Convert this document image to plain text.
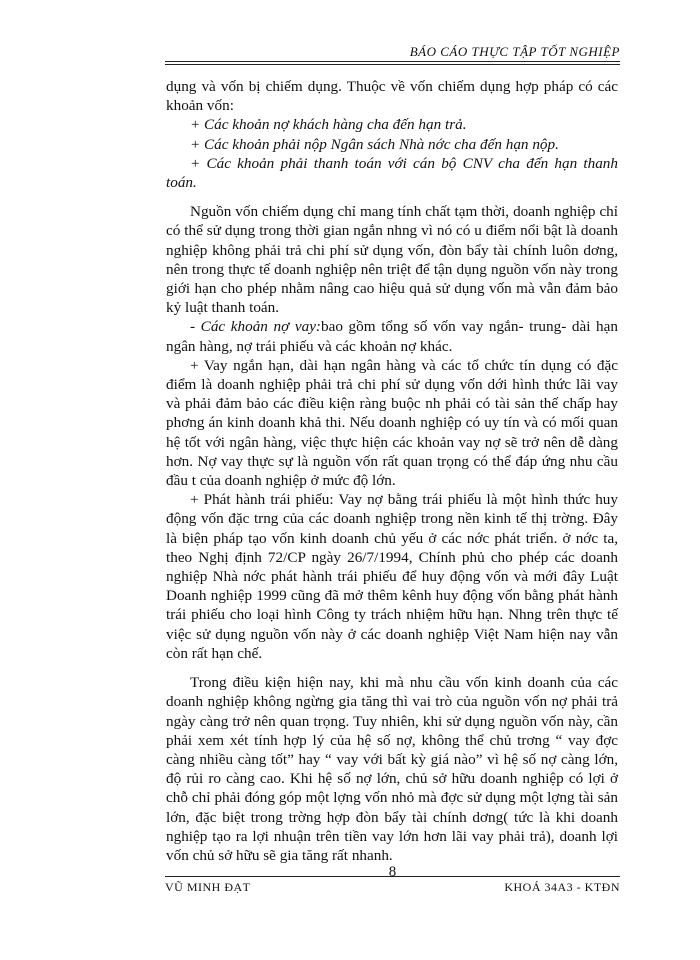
BÁO CÁO THỰC TẬP TỐT NGHIỆP

dụng và vốn bị chiếm dụng. Thuộc về vốn chiếm dụng hợp pháp có các khoản vốn:

+ Các khoản nợ khách hàng cha đến hạn trả.

+ Các khoản phải nộp Ngân sách Nhà nớc cha đến hạn nộp.

+ Các khoản phải thanh toán với cán bộ CNV cha đến hạn thanh toán.

Nguồn vốn chiếm dụng chỉ mang tính chất tạm thời, doanh nghiệp chỉ có thể sử dụng trong thời gian ngắn nhng vì nó có u điểm nổi bật là doanh nghiệp không phải trả chi phí sử dụng vốn, đòn bẩy tài chính luôn dơng, nên trong thực tế doanh nghiệp nên triệt để tận dụng nguồn vốn này trong giới hạn cho phép nhằm nâng cao hiệu quả sử dụng vốn mà vẫn đảm bảo kỷ luật thanh toán.

- Các khoản nợ vay:bao gồm tổng số vốn vay ngắn- trung- dài hạn ngân hàng, nợ trái phiếu và các khoản nợ khác.

+ Vay ngắn hạn, dài hạn ngân hàng và các tổ chức tín dụng có đặc điểm là doanh nghiệp phải trả chi phí sử dụng vốn dới hình thức lãi vay và phải đảm bảo các điều kiện ràng buộc nh phải có tài sản thế chấp hay phơng án kinh doanh khả thi. Nếu doanh nghiệp có uy tín và có mối quan hệ tốt với ngân hàng, việc thực hiện các khoản vay nợ sẽ trở nên dễ dàng hơn. Nợ vay thực sự là nguồn vốn rất quan trọng có thể đáp ứng nhu cầu đầu t của doanh nghiệp ở mức độ lớn.

+ Phát hành trái phiếu: Vay nợ bằng trái phiếu là một hình thức huy động vốn đặc trng của các doanh nghiệp trong nền kinh tế thị trờng. Đây là biện pháp tạo vốn kinh doanh chủ yếu ở các nớc phát triển. ở nớc ta, theo Nghị định 72/CP ngày 26/7/1994, Chính phủ cho phép các doanh nghiệp Nhà nớc phát hành trái phiếu để huy động vốn và mới đây Luật Doanh nghiệp 1999 cũng đã mở thêm kênh huy động vốn bằng phát hành trái phiếu cho loại hình Công ty trách nhiệm hữu hạn. Nhng trên thực tế việc sử dụng nguồn vốn này ở các doanh nghiệp Việt Nam hiện nay vẫn còn rất hạn chế.

Trong điều kiện hiện nay, khi mà nhu cầu vốn kinh doanh của các doanh nghiệp không ngừng gia tăng thì vai trò của nguồn vốn nợ phải trả ngày càng trở nên quan trọng. Tuy nhiên, khi sử dụng nguồn vốn này, cần phải xem xét tính hợp lý của hệ số nợ, không thể chủ trơng “ vay đợc càng nhiều càng tốt” hay “ vay với bất kỳ giá nào” vì hệ số nợ càng lớn, độ rủi ro càng cao. Khi hệ số nợ lớn, chủ sở hữu doanh nghiệp có lợi ở chỗ chỉ phải đóng góp một lợng vốn nhỏ mà đợc sử dụng một lợng tài sản lớn, đặc biệt trong trờng hợp đòn bẩy tài chính dơng( tức là khi doanh nghiệp tạo ra lợi nhuận trên tiền vay lớn hơn lãi vay phải trả), doanh lợi vốn chủ sở hữu sẽ gia tăng rất nhanh.

VŨ MINH ĐẠT
8
KHOÁ 34A3 - KTĐN
